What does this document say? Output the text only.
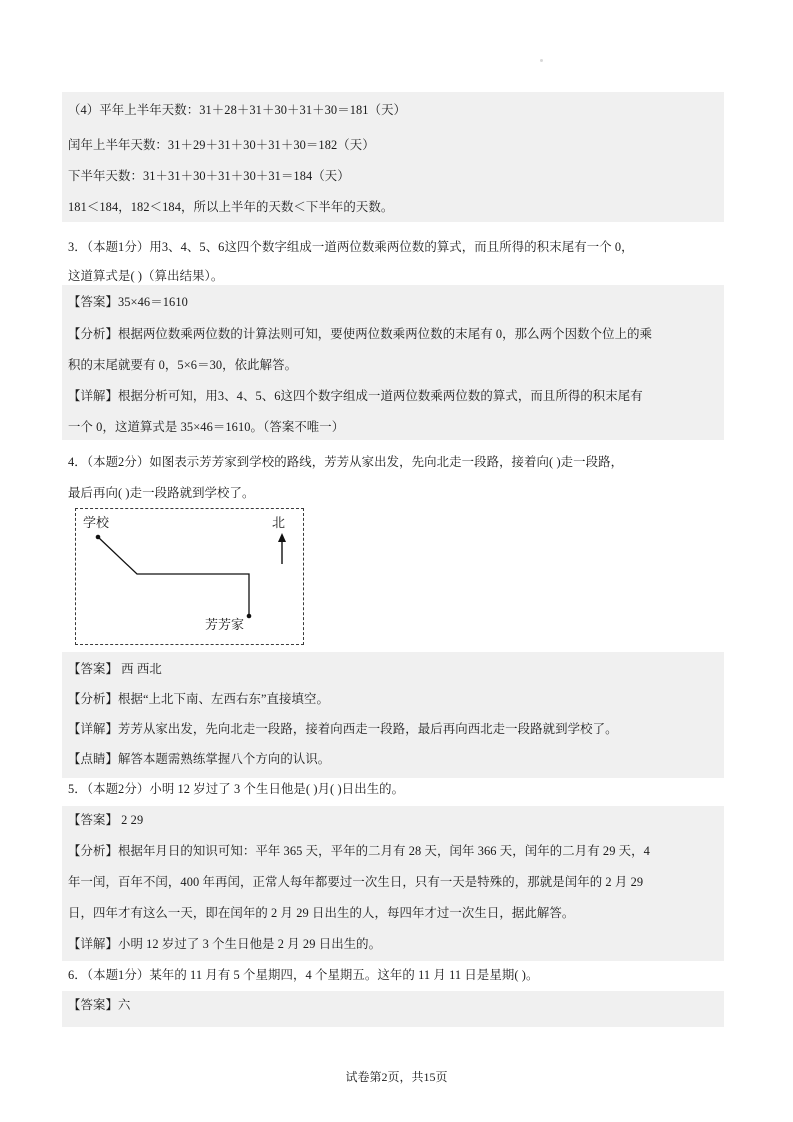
（4）平年上半年天数：31＋28＋31＋30＋31＋30＝181（天）
闰年上半年天数：31＋29＋31＋30＋31＋30＝182（天）
下半年天数：31＋31＋30＋31＋30＋31＝184（天）
181＜184，182＜184，所以上半年的天数＜下半年的天数。
3．（本题1分）用3、4、5、6这四个数字组成一道两位数乘两位数的算式，而且所得的积末尾有一个 0，
这道算式是( )（算出结果）。
【答案】35×46＝1610
【分析】根据两位数乘两位数的计算法则可知，要使两位数乘两位数的末尾有 0，那么两个因数个位上的乘
积的末尾就要有 0，5×6＝30，依此解答。
【详解】根据分析可知，用3、4、5、6这四个数字组成一道两位数乘两位数的算式，而且所得的积末尾有
一个 0，这道算式是 35×46＝1610。（答案不唯一）
4．（本题2分）如图表示芳芳家到学校的路线，芳芳从家出发，先向北走一段路，接着向( )走一段路，
最后再向( )走一段路就到学校了。
学校	北
芳芳家
【答案】 西 西北
【分析】根据“上北下南、左西右东”直接填空。
【详解】芳芳从家出发，先向北走一段路，接着向西走一段路，最后再向西北走一段路就到学校了。
【点睛】解答本题需熟练掌握八个方向的认识。
5．（本题2分）小明 12 岁过了 3 个生日他是( )月( )日出生的。
【答案】 2 29
【分析】根据年月日的知识可知：平年 365 天，平年的二月有 28 天，闰年 366 天，闰年的二月有 29 天，4
年一闰，百年不闰，400 年再闰，正常人每年都要过一次生日，只有一天是特殊的，那就是闰年的 2 月 29
日，四年才有这么一天，即在闰年的 2 月 29 日出生的人，每四年才过一次生日，据此解答。
【详解】小明 12 岁过了 3 个生日他是 2 月 29 日出生的。
6．（本题1分）某年的 11 月有 5 个星期四，4 个星期五。这年的 11 月 11 日是星期( )。
【答案】六
试卷第2页，共15页
